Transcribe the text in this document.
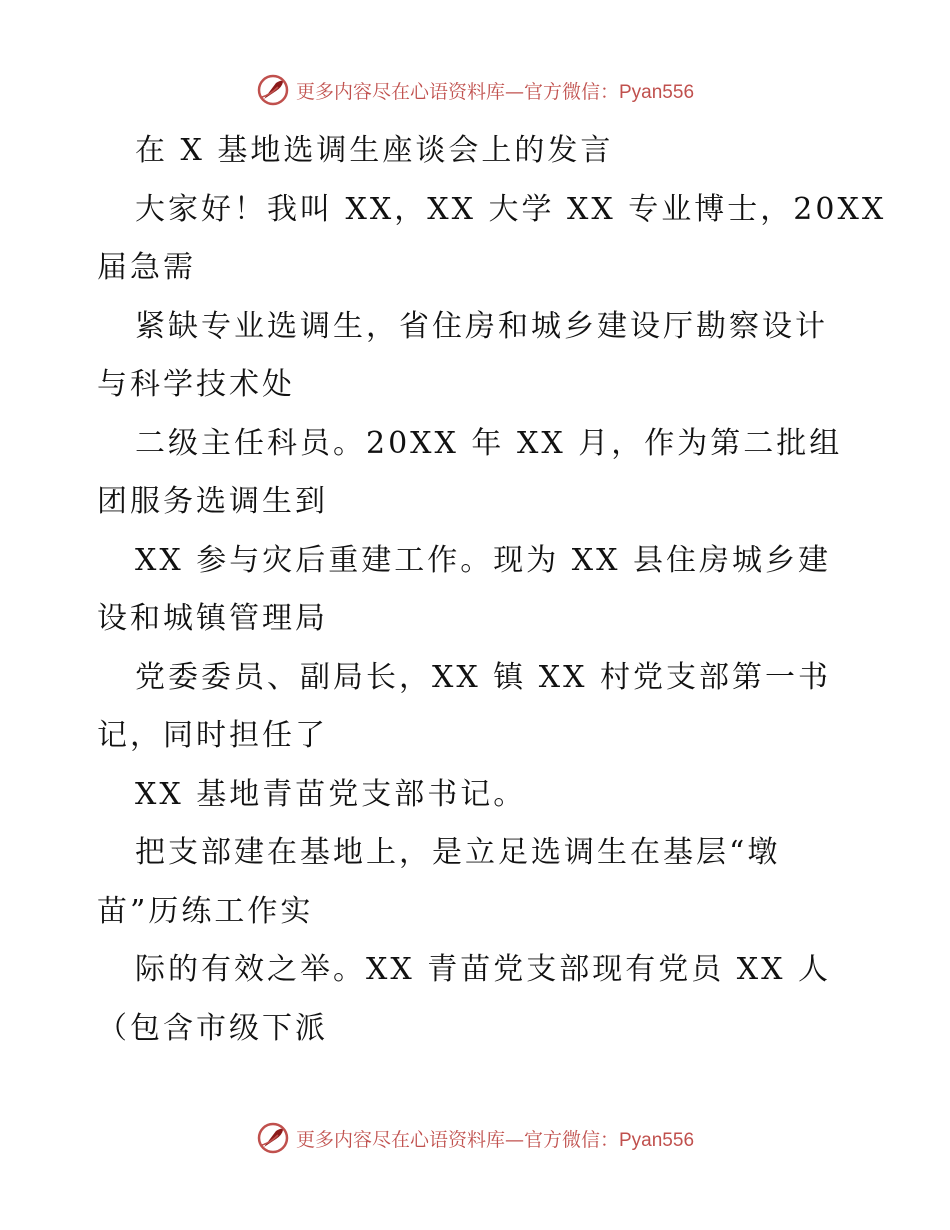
更多内容尽在心语资料库—官方微信：Pyan556
在 X 基地选调生座谈会上的发言
大家好！我叫 XX，XX 大学 XX 专业博士，20XX
届急需
紧缺专业选调生，省住房和城乡建设厅勘察设计
与科学技术处
二级主任科员。20XX 年 XX 月，作为第二批组
团服务选调生到
XX 参与灾后重建工作。现为 XX 县住房城乡建
设和城镇管理局
党委委员、副局长，XX 镇 XX 村党支部第一书
记，同时担任了
XX 基地青苗党支部书记。
把支部建在基地上，是立足选调生在基层“墩
苗”历练工作实
际的有效之举。XX 青苗党支部现有党员 XX 人
（包含市级下派
更多内容尽在心语资料库—官方微信：Pyan556
